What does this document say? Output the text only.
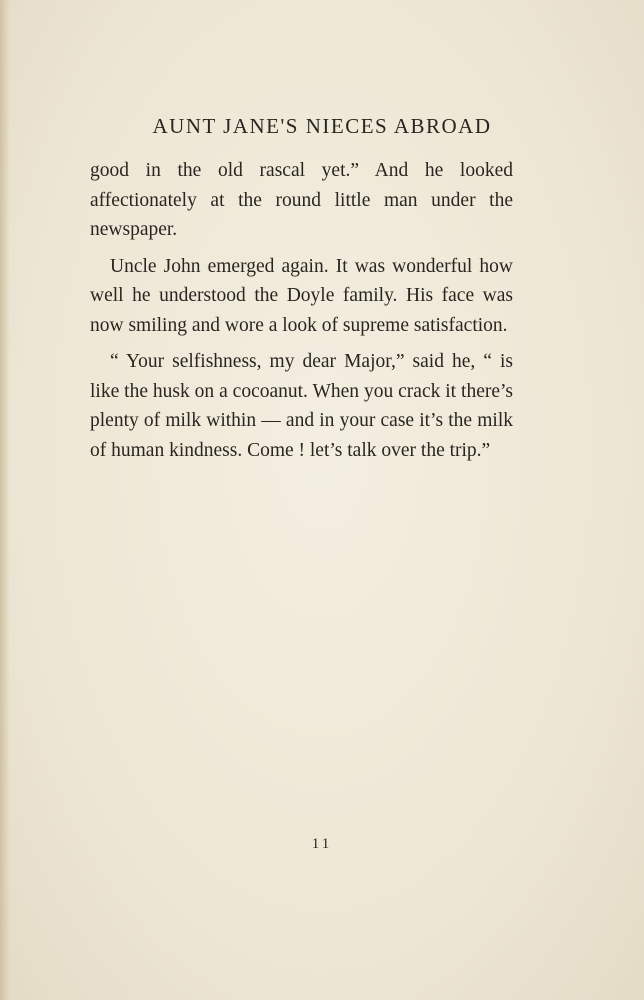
AUNT JANE'S NIECES ABROAD

good in the old rascal yet.” And he looked affectionately at the round little man under the newspaper.

Uncle John emerged again. It was wonderful how well he understood the Doyle family. His face was now smiling and wore a look of supreme satisfaction.

“ Your selfishness, my dear Major,” said he, “ is like the husk on a cocoanut. When you crack it there’s plenty of milk within — and in your case it’s the milk of human kindness. Come ! let’s talk over the trip.”

11
